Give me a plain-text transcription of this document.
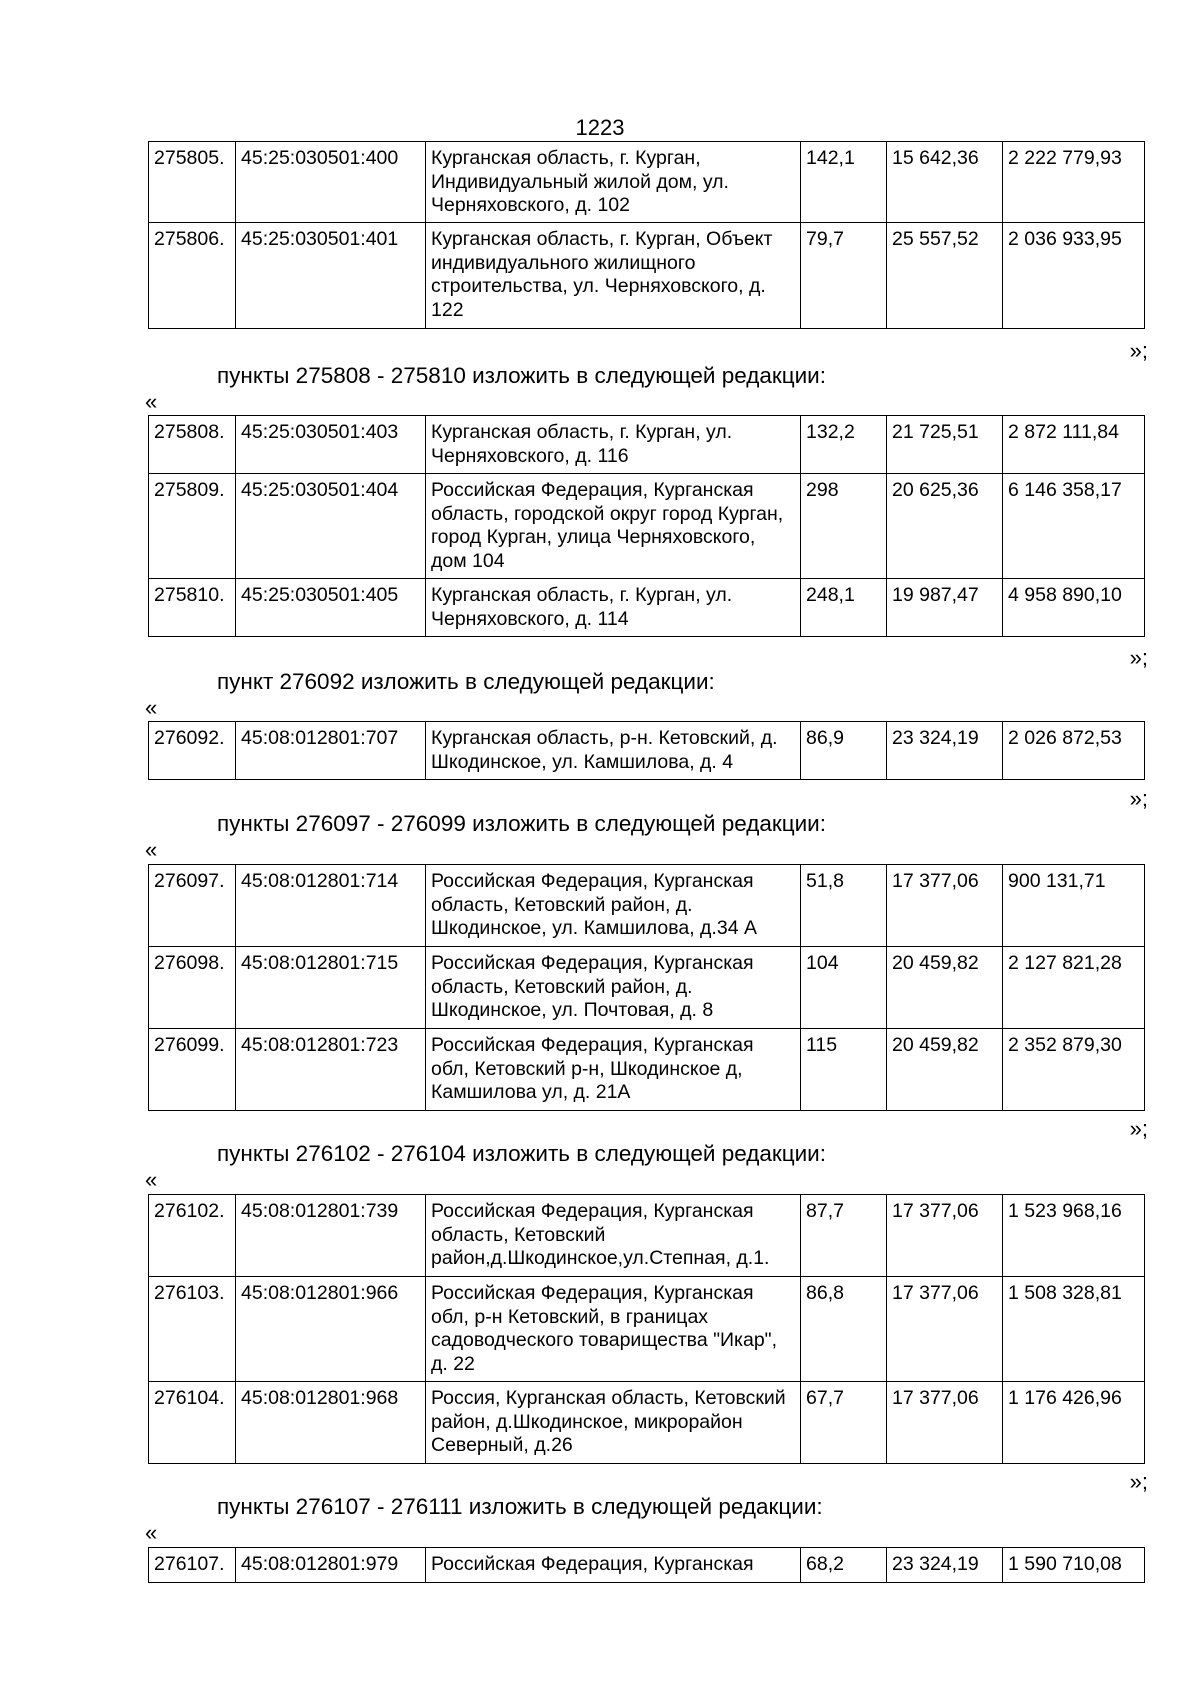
1223
275805.	45:25:030501:400	Курганская область, г. Курган, Индивидуальный жилой дом, ул. Черняховского, д. 102	142,1	15 642,36	2 222 779,93
275806.	45:25:030501:401	Курганская область, г. Курган, Объект индивидуального жилищного строительства, ул. Черняховского, д. 122	79,7	25 557,52	2 036 933,95
»;
пункты 275808 - 275810 изложить в следующей редакции:
«
275808.	45:25:030501:403	Курганская область, г. Курган, ул. Черняховского, д. 116	132,2	21 725,51	2 872 111,84
275809.	45:25:030501:404	Российская Федерация, Курганская область, городской округ город Курган, город Курган, улица Черняховского, дом 104	298	20 625,36	6 146 358,17
275810.	45:25:030501:405	Курганская область, г. Курган, ул. Черняховского, д. 114	248,1	19 987,47	4 958 890,10
»;
пункт 276092 изложить в следующей редакции:
«
276092.	45:08:012801:707	Курганская область, р-н. Кетовский, д. Шкодинское, ул. Камшилова, д. 4	86,9	23 324,19	2 026 872,53
»;
пункты 276097 - 276099 изложить в следующей редакции:
«
276097.	45:08:012801:714	Российская Федерация, Курганская область, Кетовский район, д. Шкодинское, ул. Камшилова, д.34 А	51,8	17 377,06	900 131,71
276098.	45:08:012801:715	Российская Федерация, Курганская область, Кетовский район, д. Шкодинское, ул. Почтовая, д. 8	104	20 459,82	2 127 821,28
276099.	45:08:012801:723	Российская Федерация, Курганская обл, Кетовский р-н, Шкодинское д, Камшилова ул, д. 21А	115	20 459,82	2 352 879,30
»;
пункты 276102 - 276104 изложить в следующей редакции:
«
276102.	45:08:012801:739	Российская Федерация, Курганская область, Кетовский район,д.Шкодинское,ул.Степная, д.1.	87,7	17 377,06	1 523 968,16
276103.	45:08:012801:966	Российская Федерация, Курганская обл, р-н Кетовский, в границах садоводческого товарищества "Икар", д. 22	86,8	17 377,06	1 508 328,81
276104.	45:08:012801:968	Россия, Курганская область, Кетовский район, д.Шкодинское, микрорайон Северный, д.26	67,7	17 377,06	1 176 426,96
»;
пункты 276107 - 276111 изложить в следующей редакции:
«
276107.	45:08:012801:979	Российская Федерация, Курганская	68,2	23 324,19	1 590 710,08
